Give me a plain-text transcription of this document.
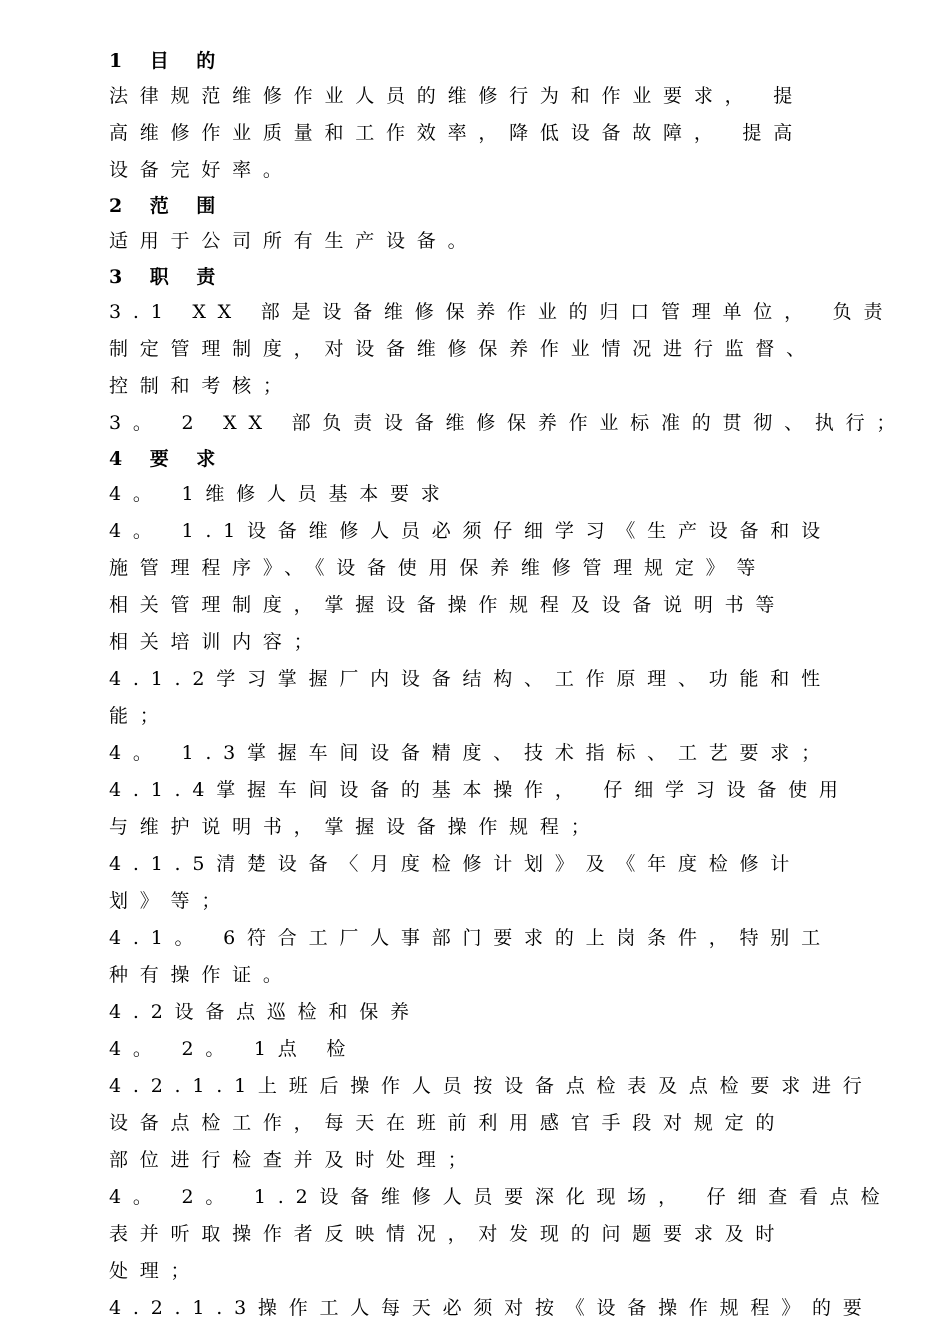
1 目 的
法律规范维修作业人员的维修行为和作业要求， 提
高维修作业质量和工作效率，降低设备故障， 提高
设备完好率。
2 范 围
适用于公司所有生产设备。
3 职 责
3.1 XX 部是设备维修保养作业的归口管理单位， 负责
制定管理制度，对设备维修保养作业情况进行监督、
控制和考核；
3。 2 XX 部负责设备维修保养作业标准的贯彻、执行；
4 要 求
4。 1维修人员基本要求
4。 1.1设备维修人员必须仔细学习《生产设备和设
施管理程序》、《设备使用保养维修管理规定》等
相关管理制度，掌握设备操作规程及设备说明书等
相关培训内容；
4.1.2学习掌握厂内设备结构、工作原理、功能和性
能；
4。 1.3掌握车间设备精度、技术指标、工艺要求；
4.1.4掌握车间设备的基本操作， 仔细学习设备使用
与维护说明书，掌握设备操作规程；
4.1.5清楚设备〈月度检修计划》及《年度检修计
划》等；
4.1。 6符合工厂人事部门要求的上岗条件，特别工
种有操作证。
4.2设备点巡检和保养
4。 2。 1点 检
4.2.1.1上班后操作人员按设备点检表及点检要求进行
设备点检工作，每天在班前利用感官手段对规定的
部位进行检查并及时处理；
4。 2。 1.2设备维修人员要深化现场， 仔细查看点检
表并听取操作者反映情况，对发现的问题要求及时
处理；
4.2.1.3操作工人每天必须对按《设备操作规程》的要
